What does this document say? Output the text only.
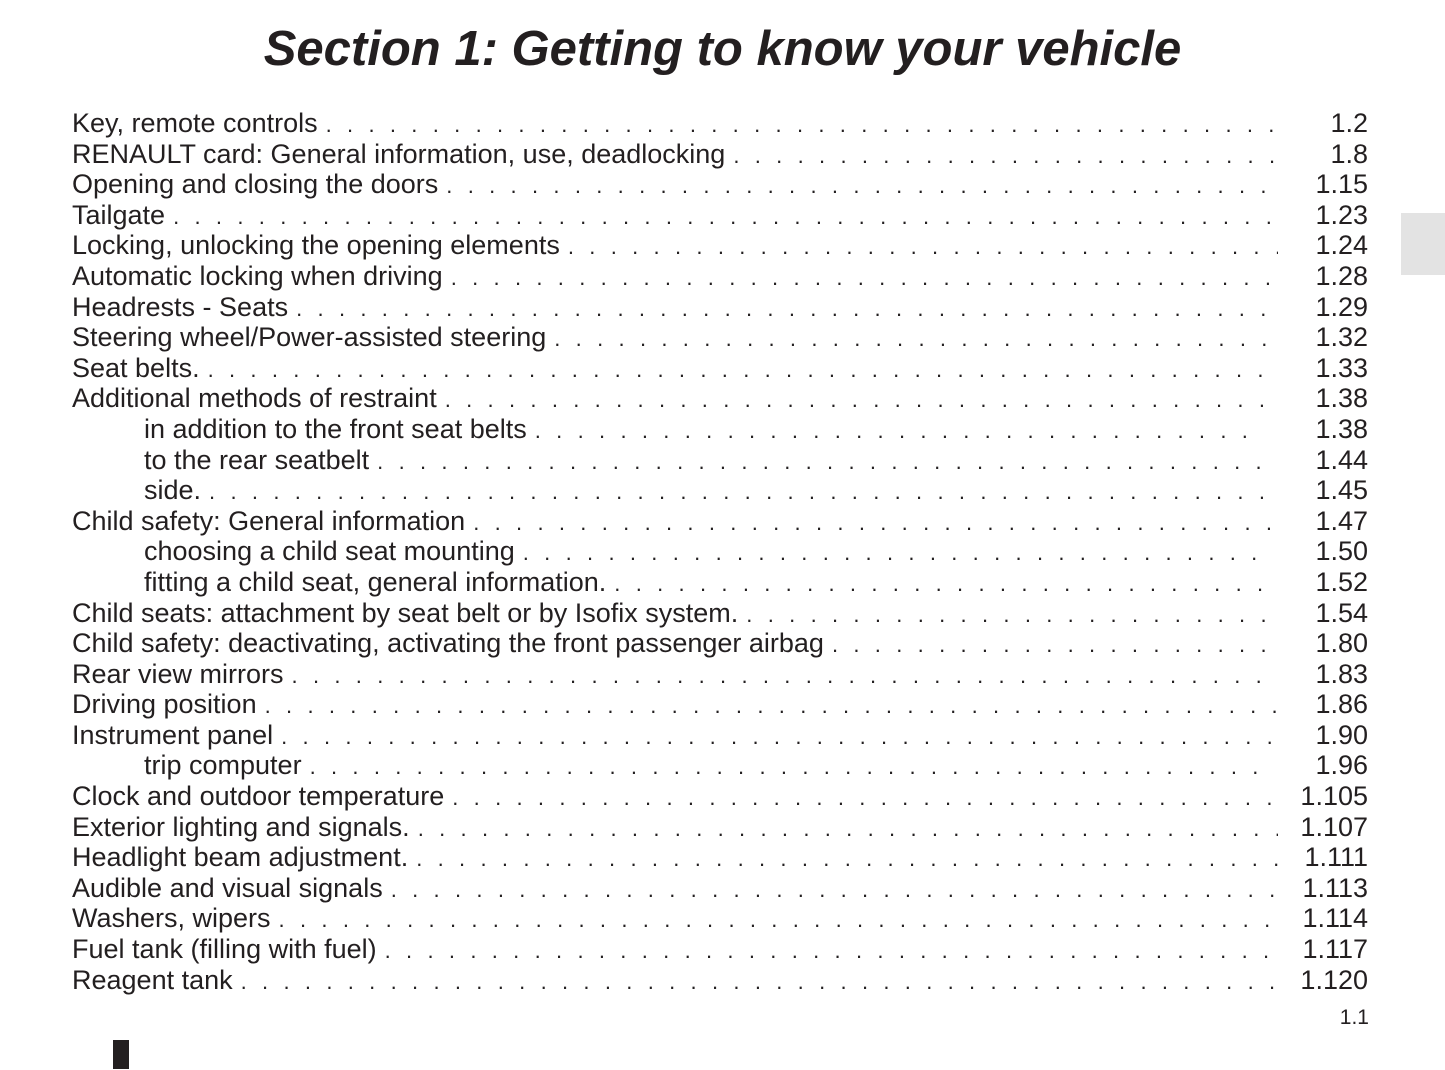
Section 1: Getting to know your vehicle
Key, remote controls . . .	1.2
RENAULT card: General information, use, deadlocking . . .	1.8
Opening and closing the doors . . .	1.15
Tailgate . . .	1.23
Locking, unlocking the opening elements . . .	1.24
Automatic locking when driving . . .	1.28
Headrests - Seats . . .	1.29
Steering wheel/Power-assisted steering . . .	1.32
Seat belts. . . .	1.33
Additional methods of restraint . . .	1.38
in addition to the front seat belts . . .	1.38
to the rear seatbelt . . .	1.44
side. . . .	1.45
Child safety: General information . . .	1.47
choosing a child seat mounting . . .	1.50
fitting a child seat, general information. . . .	1.52
Child seats: attachment by seat belt or by Isofix system. . . .	1.54
Child safety: deactivating, activating the front passenger airbag . . .	1.80
Rear view mirrors . . .	1.83
Driving position . . .	1.86
Instrument panel . . .	1.90
trip computer . . .	1.96
Clock and outdoor temperature . . .	1.105
Exterior lighting and signals. . . .	1.107
Headlight beam adjustment. . . .	1.111
Audible and visual signals . . .	1.113
Washers, wipers . . .	1.114
Fuel tank (filling with fuel) . . .	1.117
Reagent tank . . .	1.120
1.1
